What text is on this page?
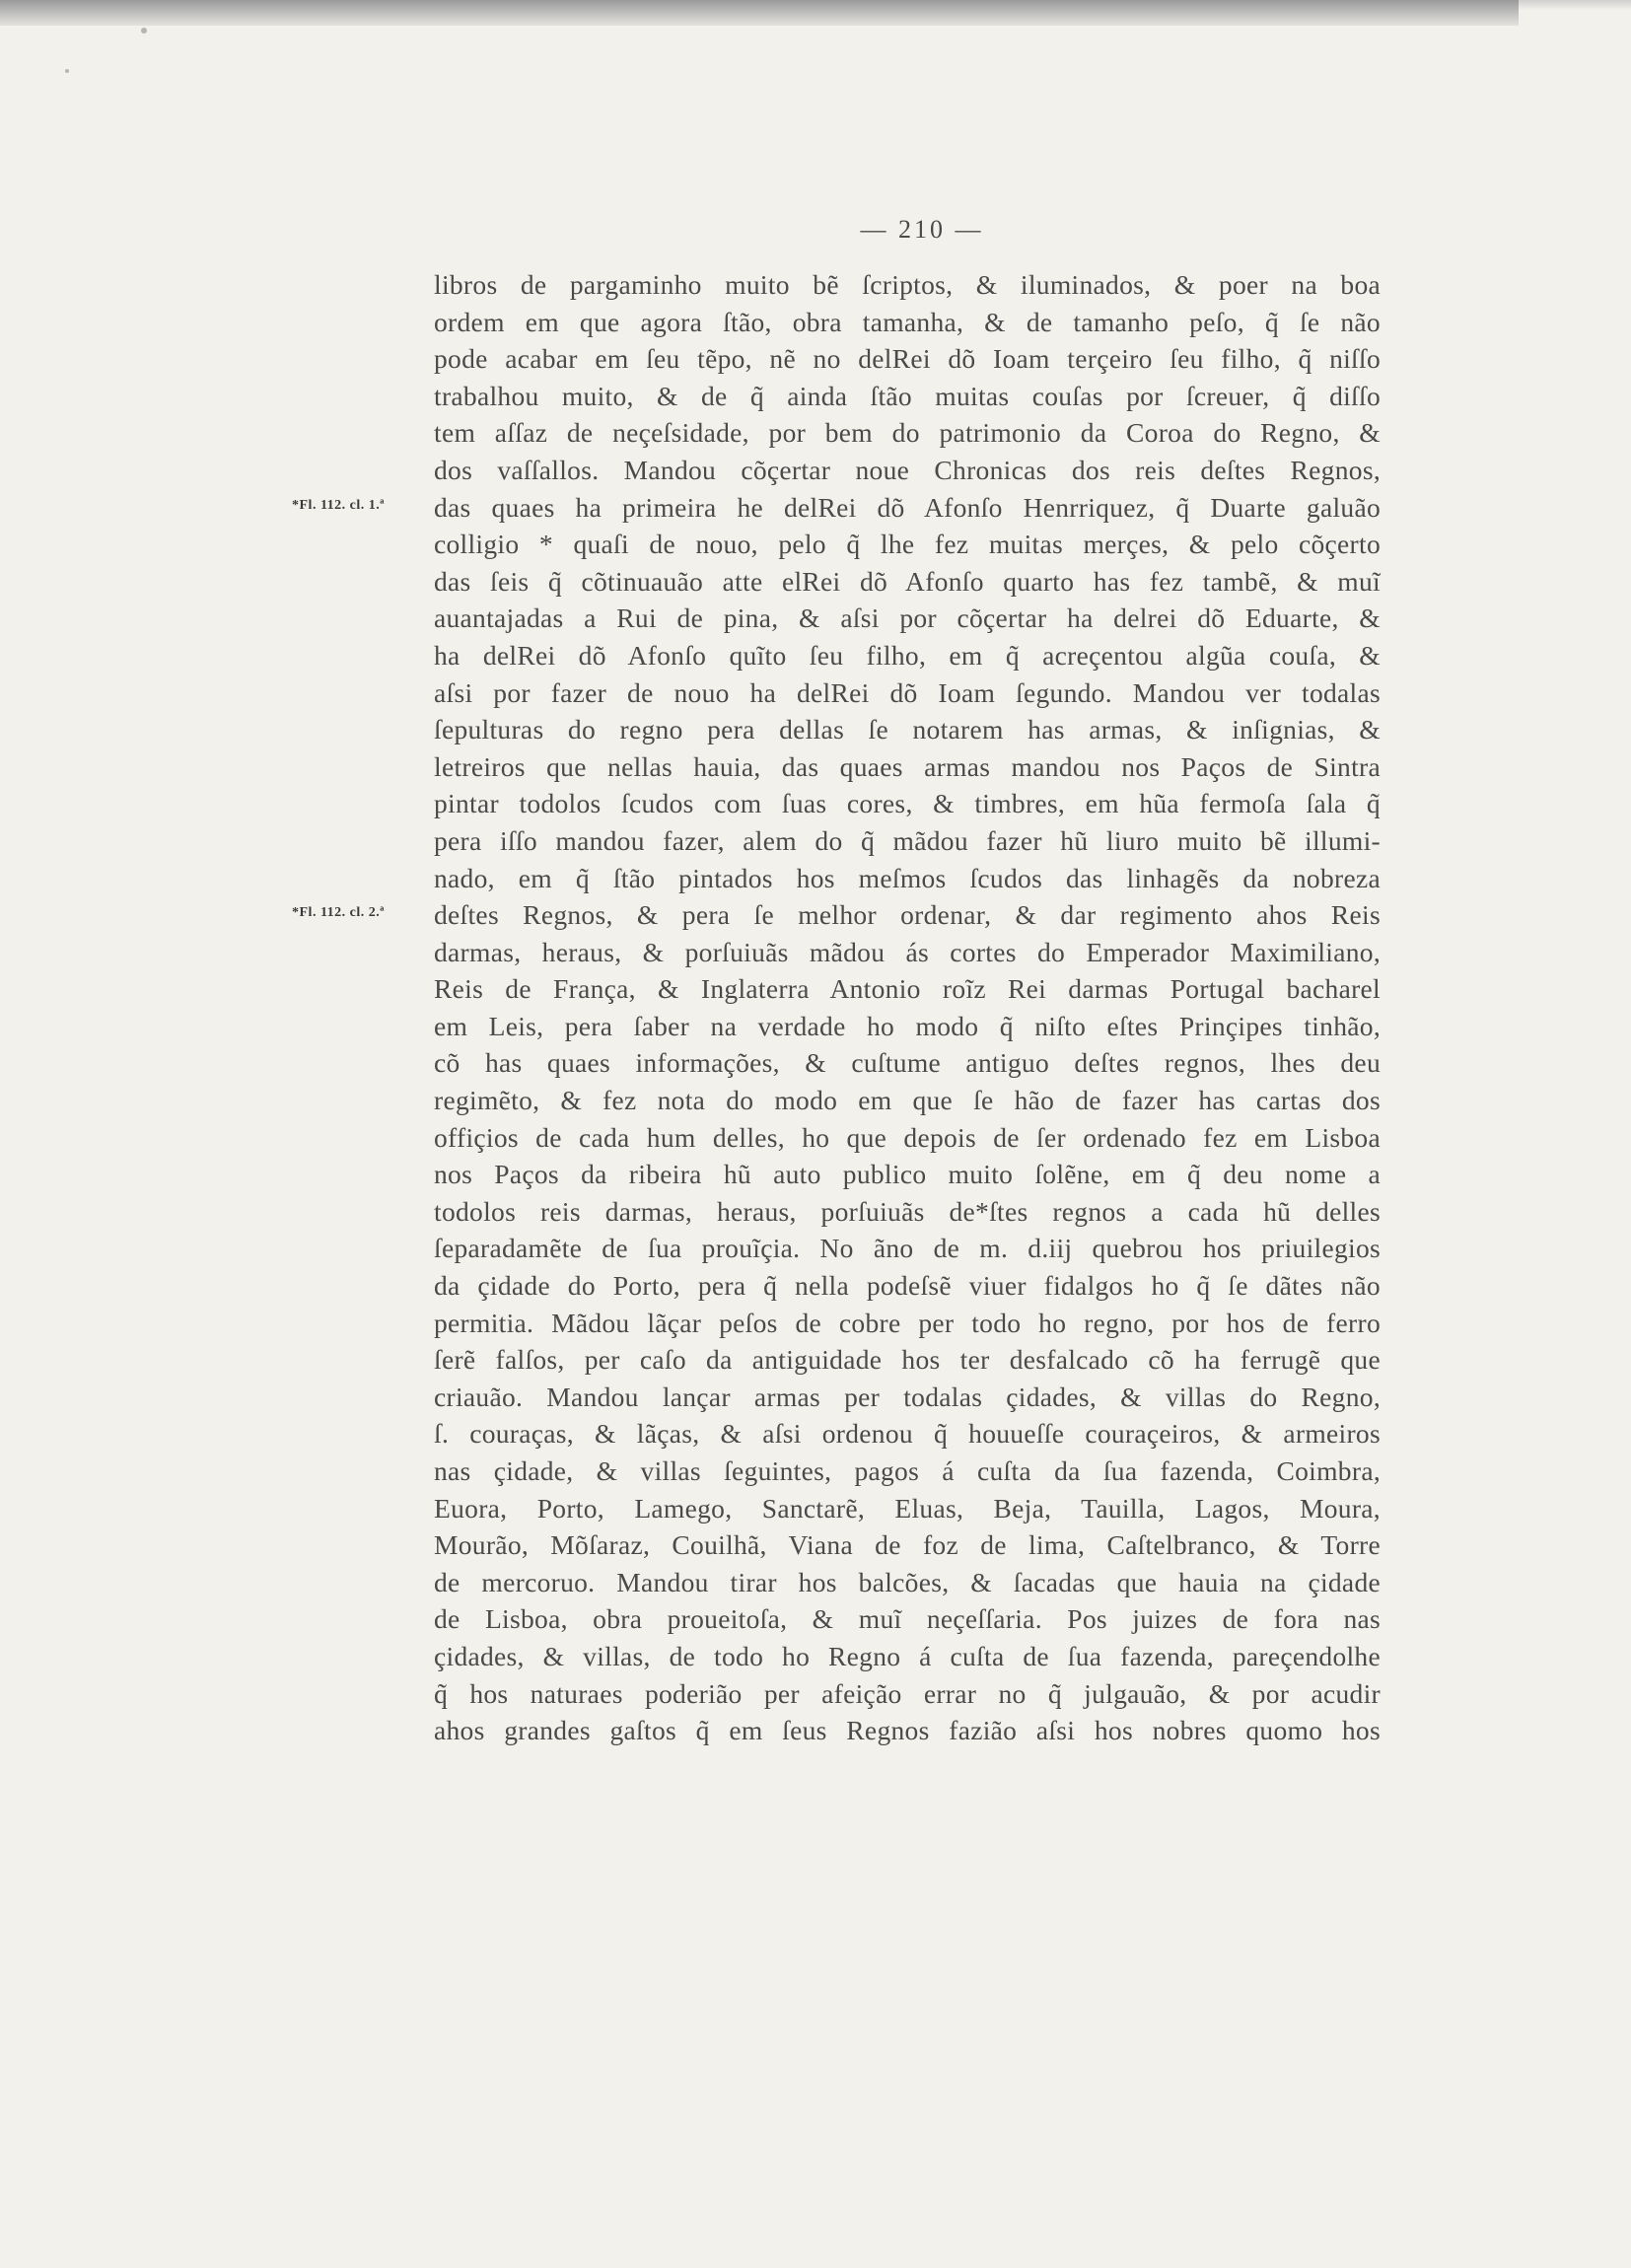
— 210 —
libros de pargaminho muito bẽ ſcriptos, & iluminados, & poer na boa
ordem em que agora ſtão, obra tamanha, & de tamanho peſo, q̃ ſe não
pode acabar em ſeu tẽpo, nẽ no delRei dõ Ioam terçeiro ſeu filho, q̃ niſſo
trabalhou muito, & de q̃ ainda ſtão muitas couſas por ſcreuer, q̃ diſſo
tem aſſaz de neçeſsidade, por bem do patrimonio da Coroa do Regno, &
dos vaſſallos. Mandou cõçertar noue Chronicas dos reis deſtes Regnos,
das quaes ha primeira he delRei dõ Afonſo Henrriquez, q̃ Duarte galuão
colligio * quaſi de nouo, pelo q̃ lhe fez muitas merçes, & pelo cõçerto
das ſeis q̃ cõtinuauão atte elRei dõ Afonſo quarto has fez tambẽ, & muĩ
auantajadas a Rui de pina, & aſsi por cõçertar ha delrei dõ Eduarte, &
ha delRei dõ Afonſo quĩto ſeu filho, em q̃ acreçentou algũa couſa, &
aſsi por fazer de nouo ha delRei dõ Ioam ſegundo. Mandou ver todalas
ſepulturas do regno pera dellas ſe notarem has armas, & inſignias, &
letreiros que nellas hauia, das quaes armas mandou nos Paços de Sintra
pintar todolos ſcudos com ſuas cores, & timbres, em hũa fermoſa ſala q̃
pera iſſo mandou fazer, alem do q̃ mãdou fazer hũ liuro muito bẽ illumi-
nado, em q̃ ſtão pintados hos meſmos ſcudos das linhagẽs da nobreza
deſtes Regnos, & pera ſe melhor ordenar, & dar regimento ahos Reis
darmas, heraus, & porſuiuãs mãdou ás cortes do Emperador Maximiliano,
Reis de França, & Inglaterra Antonio roĩz Rei darmas Portugal bacharel
em Leis, pera ſaber na verdade ho modo q̃ niſto eſtes Prinçipes tinhão,
cõ has quaes informações, & cuſtume antiguo deſtes regnos, lhes deu
regimẽto, & fez nota do modo em que ſe hão de fazer has cartas dos
offiçios de cada hum delles, ho que depois de ſer ordenado fez em Lisboa
nos Paços da ribeira hũ auto publico muito ſolẽne, em q̃ deu nome a
todolos reis darmas, heraus, porſuiuãs de*ſtes regnos a cada hũ delles
ſeparadamẽte de ſua prouĩçia. No ãno de m. d.iij quebrou hos priuilegios
da çidade do Porto, pera q̃ nella podeſsẽ viuer fidalgos ho q̃ ſe dãtes não
permitia. Mãdou lãçar peſos de cobre per todo ho regno, por hos de ferro
ſerẽ falſos, per caſo da antiguidade hos ter desfalcado cõ ha ferrugẽ que
criauão. Mandou lançar armas per todalas çidades, & villas do Regno,
ſ. couraças, & lãças, & aſsi ordenou q̃ houueſſe couraçeiros, & armeiros
nas çidade, & villas ſeguintes, pagos á cuſta da ſua fazenda, Coimbra,
Euora, Porto, Lamego, Sanctarẽ, Eluas, Beja, Tauilla, Lagos, Moura,
Mourão, Mõſaraz, Couilhã, Viana de foz de lima, Caſtelbranco, & Torre
de mercoruo. Mandou tirar hos balcões, & ſacadas que hauia na çidade
de Lisboa, obra proueitoſa, & muĩ neçeſſaria. Pos juizes de fora nas
çidades, & villas, de todo ho Regno á cuſta de ſua fazenda, pareçendolhe
q̃ hos naturaes poderião per afeição errar no q̃ julgauão, & por acudir
ahos grandes gaſtos q̃ em ſeus Regnos fazião aſsi hos nobres quomo hos
*Fl. 112. cl. 1.ª
*Fl. 112. cl. 2.ª
